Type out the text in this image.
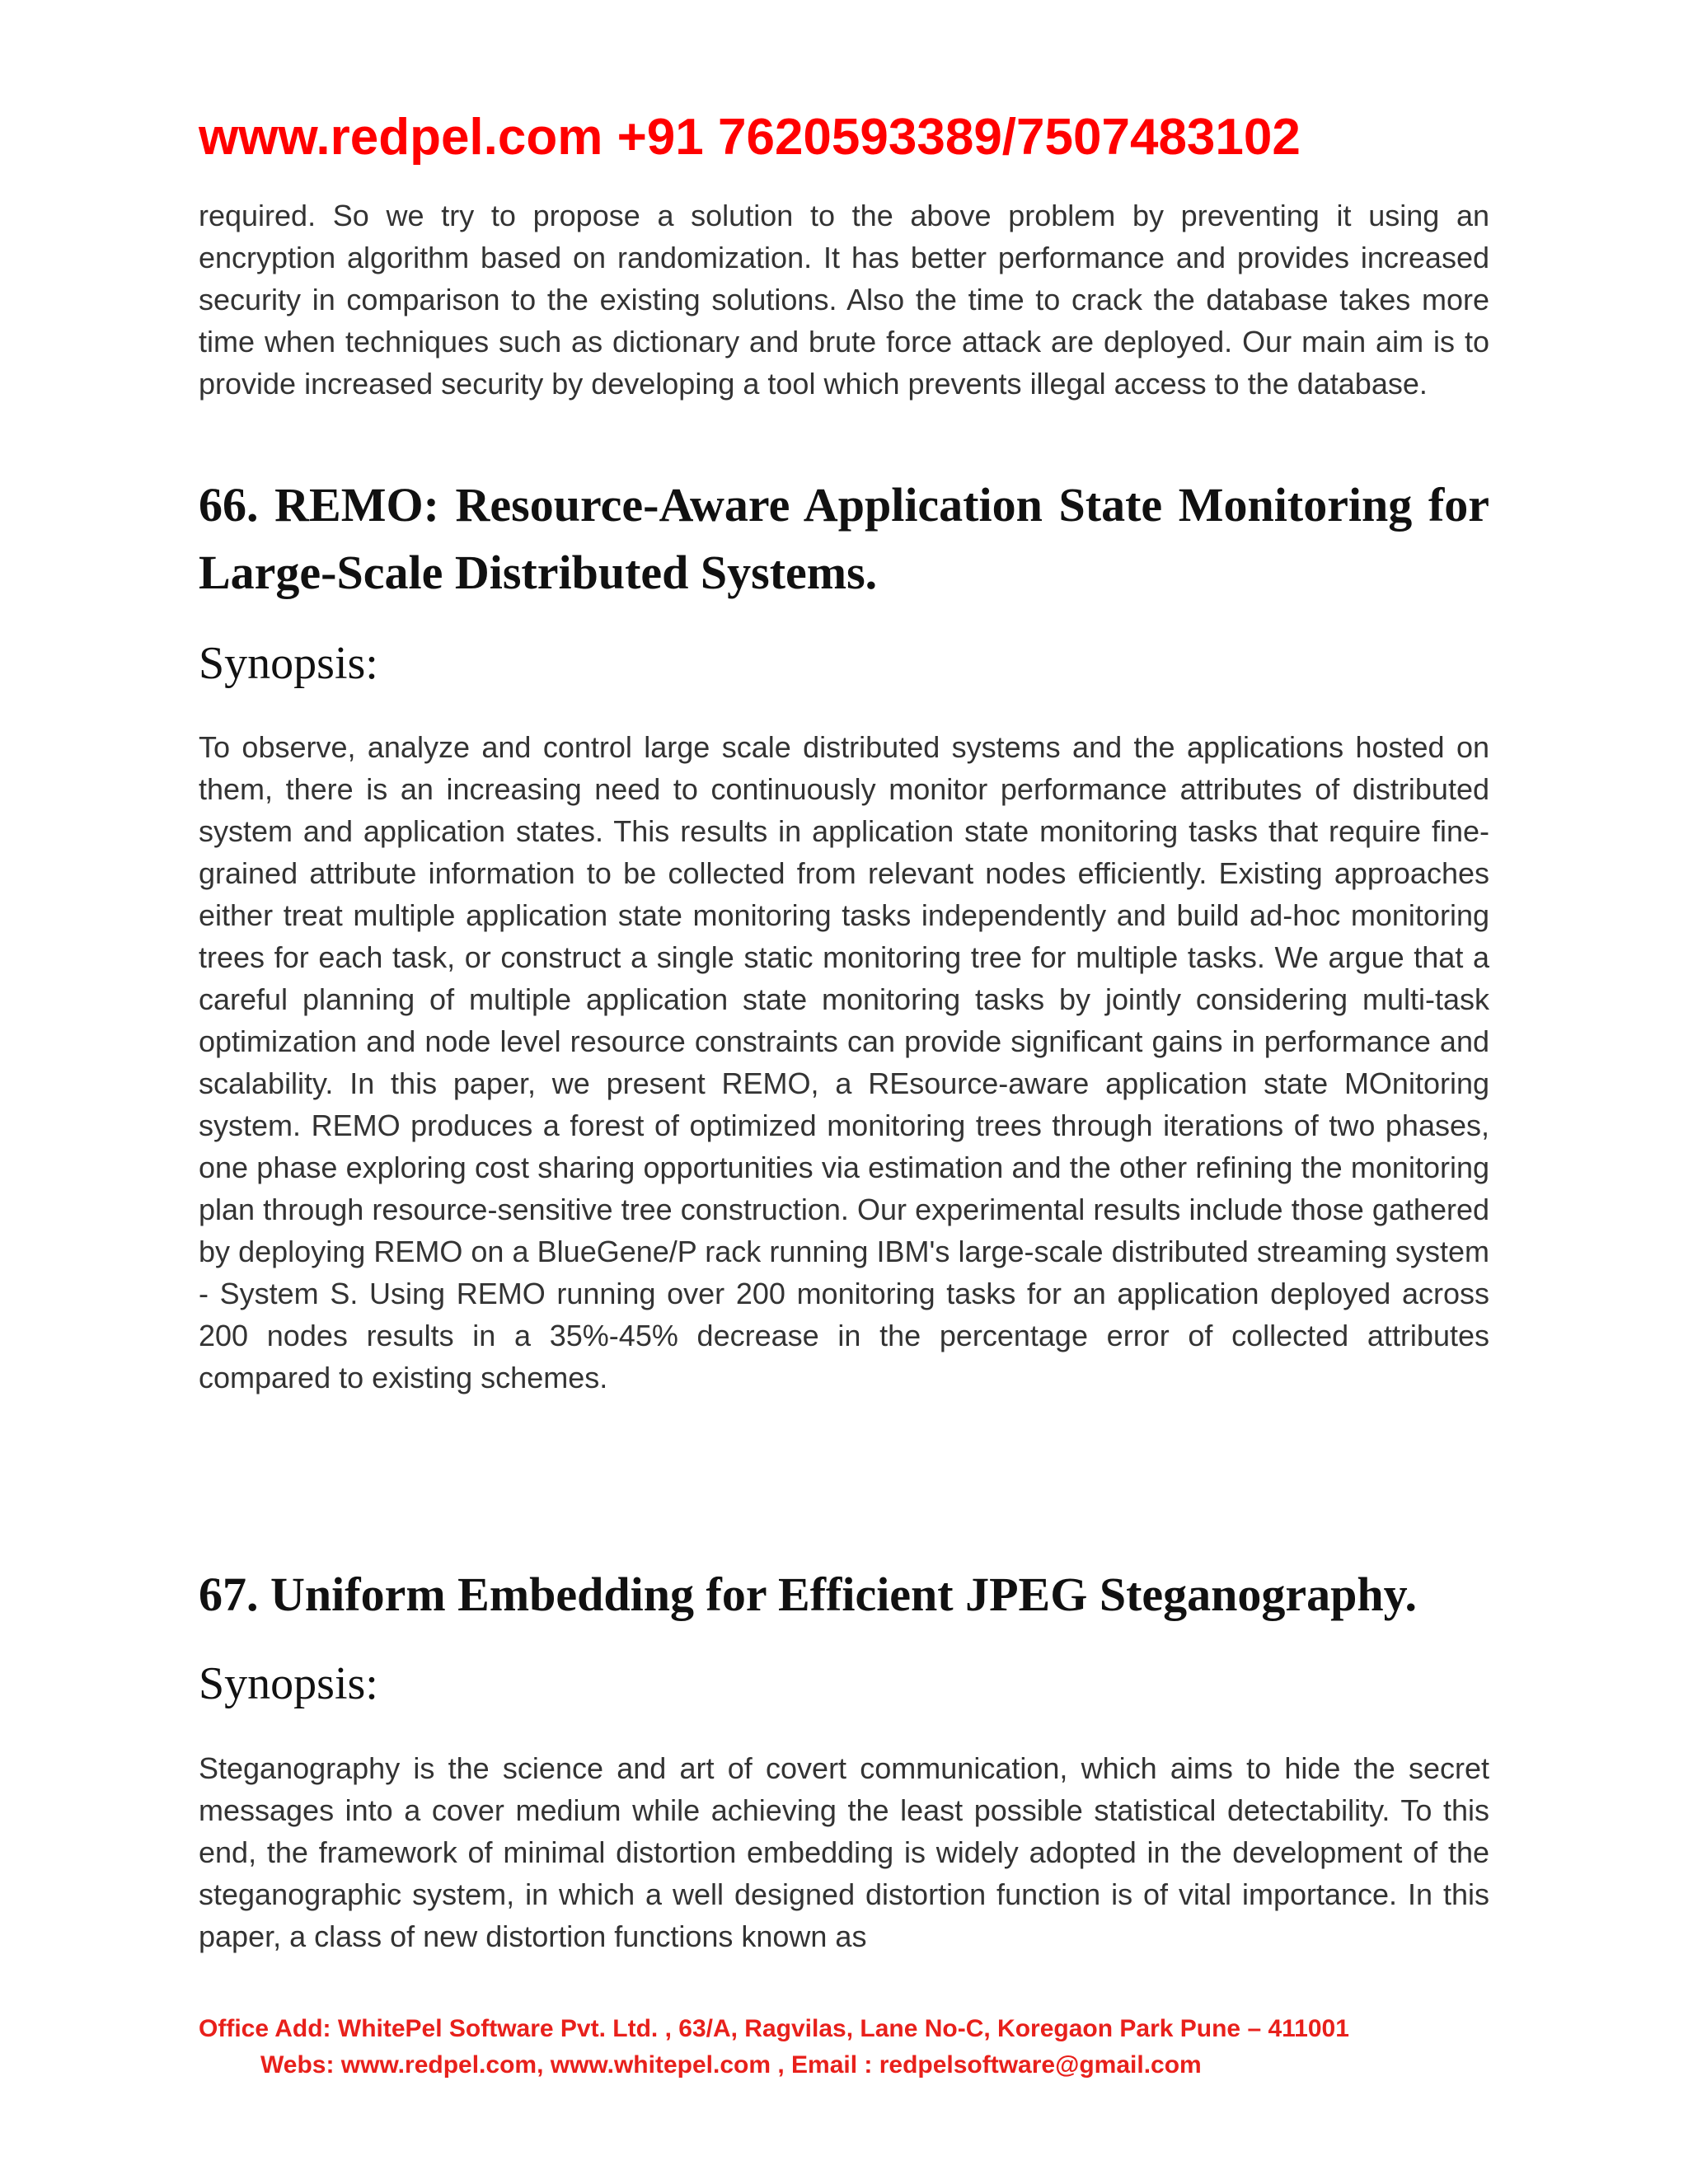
www.redpel.com +91 7620593389/7507483102

required. So we try to propose a solution to the above problem by preventing it using an encryption algorithm based on randomization. It has better performance and provides increased security in comparison to the existing solutions. Also the time to crack the database takes more time when techniques such as dictionary and brute force attack are deployed. Our main aim is to provide increased security by developing a tool which prevents illegal access to the database.

66. REMO: Resource-Aware Application State Monitoring for Large-Scale Distributed Systems.
Synopsis:

To observe, analyze and control large scale distributed systems and the applications hosted on them, there is an increasing need to continuously monitor performance attributes of distributed system and application states. This results in application state monitoring tasks that require fine-grained attribute information to be collected from relevant nodes efficiently. Existing approaches either treat multiple application state monitoring tasks independently and build ad-hoc monitoring trees for each task, or construct a single static monitoring tree for multiple tasks. We argue that a careful planning of multiple application state monitoring tasks by jointly considering multi-task optimization and node level resource constraints can provide significant gains in performance and scalability. In this paper, we present REMO, a REsource-aware application state MOnitoring system. REMO produces a forest of optimized monitoring trees through iterations of two phases, one phase exploring cost sharing opportunities via estimation and the other refining the monitoring plan through resource-sensitive tree construction. Our experimental results include those gathered by deploying REMO on a BlueGene/P rack running IBM's large-scale distributed streaming system - System S. Using REMO running over 200 monitoring tasks for an application deployed across 200 nodes results in a 35%-45% decrease in the percentage error of collected attributes compared to existing schemes.

67. Uniform Embedding for Efficient JPEG Steganography.
Synopsis:

Steganography is the science and art of covert communication, which aims to hide the secret messages into a cover medium while achieving the least possible statistical detectability. To this end, the framework of minimal distortion embedding is widely adopted in the development of the steganographic system, in which a well designed distortion function is of vital importance. In this paper, a class of new distortion functions known as

Office Add: WhitePel Software Pvt. Ltd. , 63/A, Ragvilas, Lane No-C, Koregaon Park Pune – 411001
Webs: www.redpel.com, www.whitepel.com , Email : redpelsoftware@gmail.com
